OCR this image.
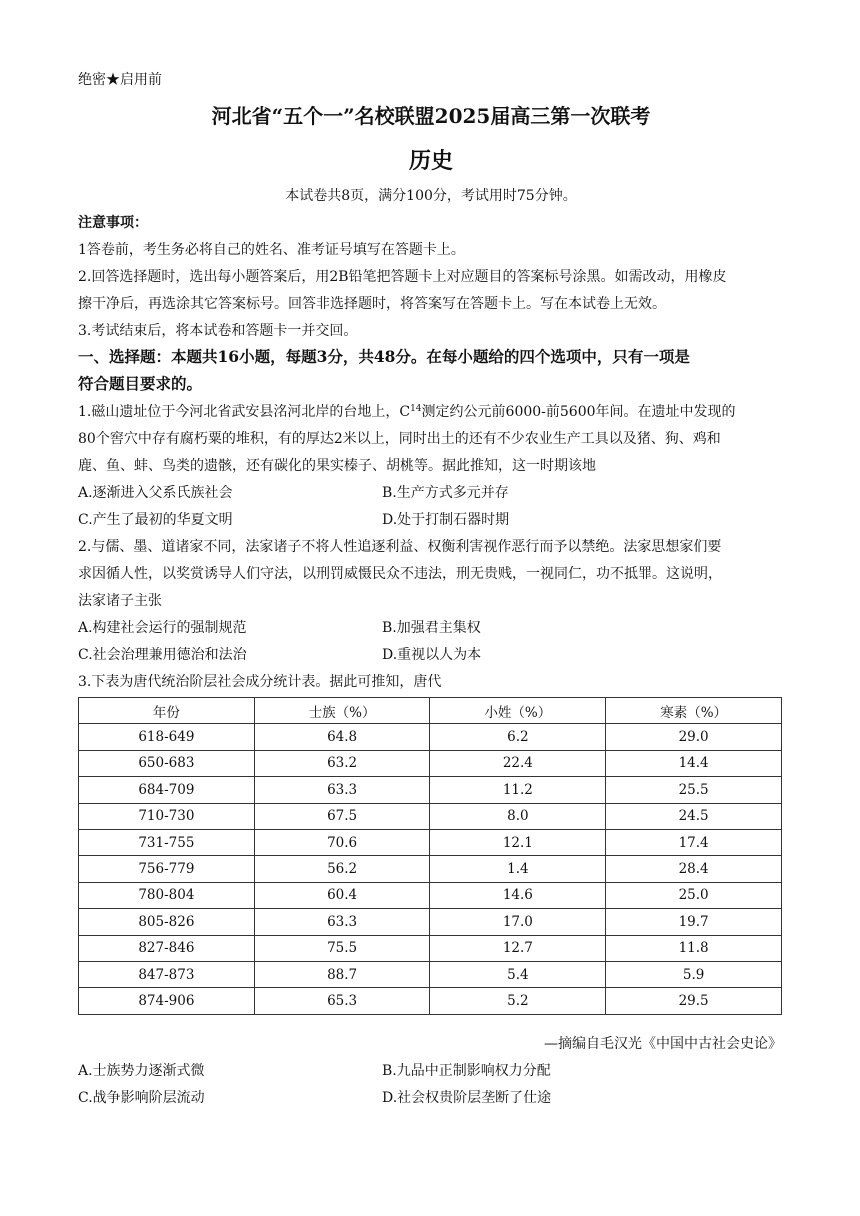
绝密★启用前
河北省“五个一”名校联盟2025届高三第一次联考
历史
本试卷共8页，满分100分，考试用时75分钟。
注意事项：
1答卷前，考生务必将自己的姓名、准考证号填写在答题卡上。
2.回答选择题时，选出每小题答案后，用2B铅笔把答题卡上对应题目的答案标号涂黑。如需改动，用橡皮
擦干净后，再选涂其它答案标号。回答非选择题时，将答案写在答题卡上。写在本试卷上无效。
3.考试结束后，将本试卷和答题卡一并交回。
一、选择题：本题共16小题，每题3分，共48分。在每小题给的四个选项中，只有一项是
符合题目要求的。
1.磁山遗址位于今河北省武安县洺河北岸的台地上，$C^{14}$测定约公元前6000-前5600年间。在遗址中发现的
80个窖穴中存有腐朽粟的堆积，有的厚达2米以上，同时出土的还有不少农业生产工具以及猪、狗、鸡和
鹿、鱼、蚌、鸟类的遗骸，还有碳化的果实榛子、胡桃等。据此推知，这一时期该地
A.逐渐进入父系氏族社会	B.生产方式多元并存
C.产生了最初的华夏文明	D.处于打制石器时期
2.与儒、墨、道诸家不同，法家诸子不将人性追逐利益、权衡利害视作恶行而予以禁绝。法家思想家们要
求因循人性，以奖赏诱导人们守法，以刑罚威慑民众不违法，刑无贵贱，一视同仁，功不抵罪。这说明，
法家诸子主张
A.构建社会运行的强制规范	B.加强君主集权
C.社会治理兼用德治和法治	D.重视以人为本
3.下表为唐代统治阶层社会成分统计表。据此可推知，唐代
年份	士族（%）	小姓（%）	寒素（%）
618-649	64.8	6.2	29.0
650-683	63.2	22.4	14.4
684-709	63.3	11.2	25.5
710-730	67.5	8.0	24.5
731-755	70.6	12.1	17.4
756-779	56.2	1.4	28.4
780-804	60.4	14.6	25.0
805-826	63.3	17.0	19.7
827-846	75.5	12.7	11.8
847-873	88.7	5.4	5.9
874-906	65.3	5.2	29.5
—摘编自毛汉光《中国中古社会史论》
A.士族势力逐渐式微	B.九品中正制影响权力分配
C.战争影响阶层流动	D.社会权贵阶层垄断了仕途
